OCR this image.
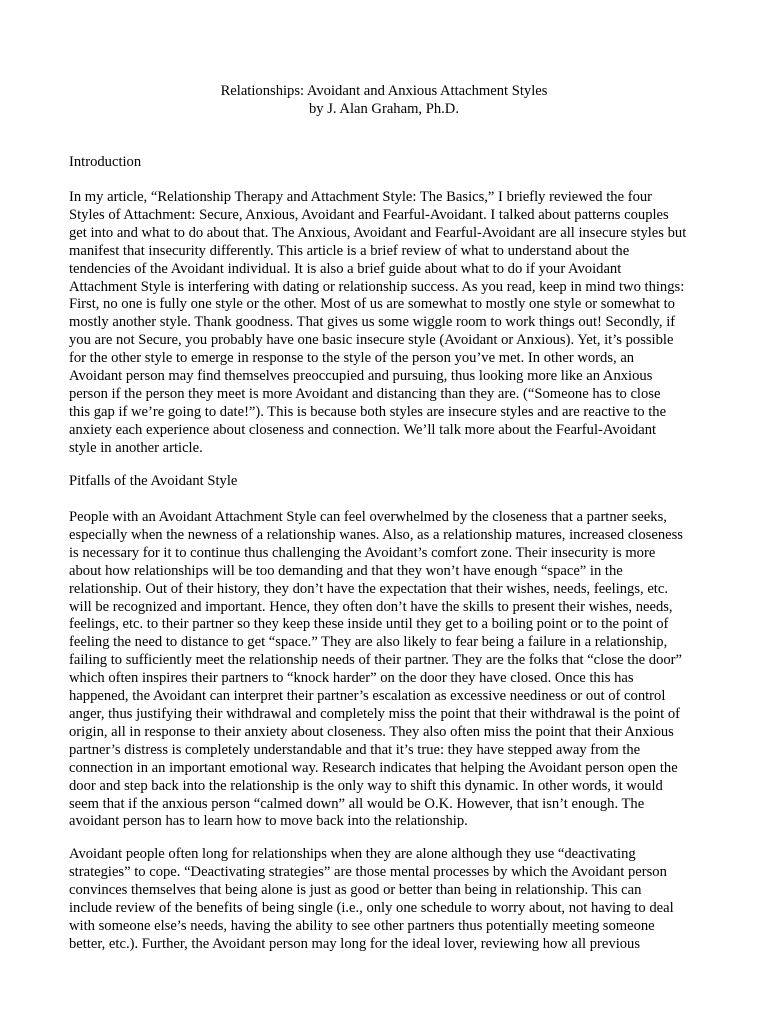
Relationships: Avoidant and Anxious Attachment Styles
by J. Alan Graham, Ph.D.
Introduction
In my article, “Relationship Therapy and Attachment Style: The Basics,” I briefly reviewed the four
Styles of Attachment: Secure, Anxious, Avoidant and Fearful-Avoidant. I talked about patterns couples
get into and what to do about that. The Anxious, Avoidant and Fearful-Avoidant are all insecure styles but
manifest that insecurity differently. This article is a brief review of what to understand about the
tendencies of the Avoidant individual. It is also a brief guide about what to do if your Avoidant
Attachment Style is interfering with dating or relationship success. As you read, keep in mind two things:
First, no one is fully one style or the other. Most of us are somewhat to mostly one style or somewhat to
mostly another style. Thank goodness. That gives us some wiggle room to work things out! Secondly, if
you are not Secure, you probably have one basic insecure style (Avoidant or Anxious). Yet, it’s possible
for the other style to emerge in response to the style of the person you’ve met. In other words, an
Avoidant person may find themselves preoccupied and pursuing, thus looking more like an Anxious
person if the person they meet is more Avoidant and distancing than they are. (“Someone has to close
this gap if we’re going to date!”). This is because both styles are insecure styles and are reactive to the
anxiety each experience about closeness and connection. We’ll talk more about the Fearful-Avoidant
style in another article.
Pitfalls of the Avoidant Style
People with an Avoidant Attachment Style can feel overwhelmed by the closeness that a partner seeks,
especially when the newness of a relationship wanes. Also, as a relationship matures, increased closeness
is necessary for it to continue thus challenging the Avoidant’s comfort zone. Their insecurity is more
about how relationships will be too demanding and that they won’t have enough “space” in the
relationship. Out of their history, they don’t have the expectation that their wishes, needs, feelings, etc.
will be recognized and important. Hence, they often don’t have the skills to present their wishes, needs,
feelings, etc. to their partner so they keep these inside until they get to a boiling point or to the point of
feeling the need to distance to get “space.” They are also likely to fear being a failure in a relationship,
failing to sufficiently meet the relationship needs of their partner. They are the folks that “close the door”
which often inspires their partners to “knock harder” on the door they have closed. Once this has
happened, the Avoidant can interpret their partner’s escalation as excessive neediness or out of control
anger, thus justifying their withdrawal and completely miss the point that their withdrawal is the point of
origin, all in response to their anxiety about closeness. They also often miss the point that their Anxious
partner’s distress is completely understandable and that it’s true: they have stepped away from the
connection in an important emotional way. Research indicates that helping the Avoidant person open the
door and step back into the relationship is the only way to shift this dynamic. In other words, it would
seem that if the anxious person “calmed down” all would be O.K. However, that isn’t enough. The
avoidant person has to learn how to move back into the relationship.
Avoidant people often long for relationships when they are alone although they use “deactivating
strategies” to cope. “Deactivating strategies” are those mental processes by which the Avoidant person
convinces themselves that being alone is just as good or better than being in relationship. This can
include review of the benefits of being single (i.e., only one schedule to worry about, not having to deal
with someone else’s needs, having the ability to see other partners thus potentially meeting someone
better, etc.). Further, the Avoidant person may long for the ideal lover, reviewing how all previous
